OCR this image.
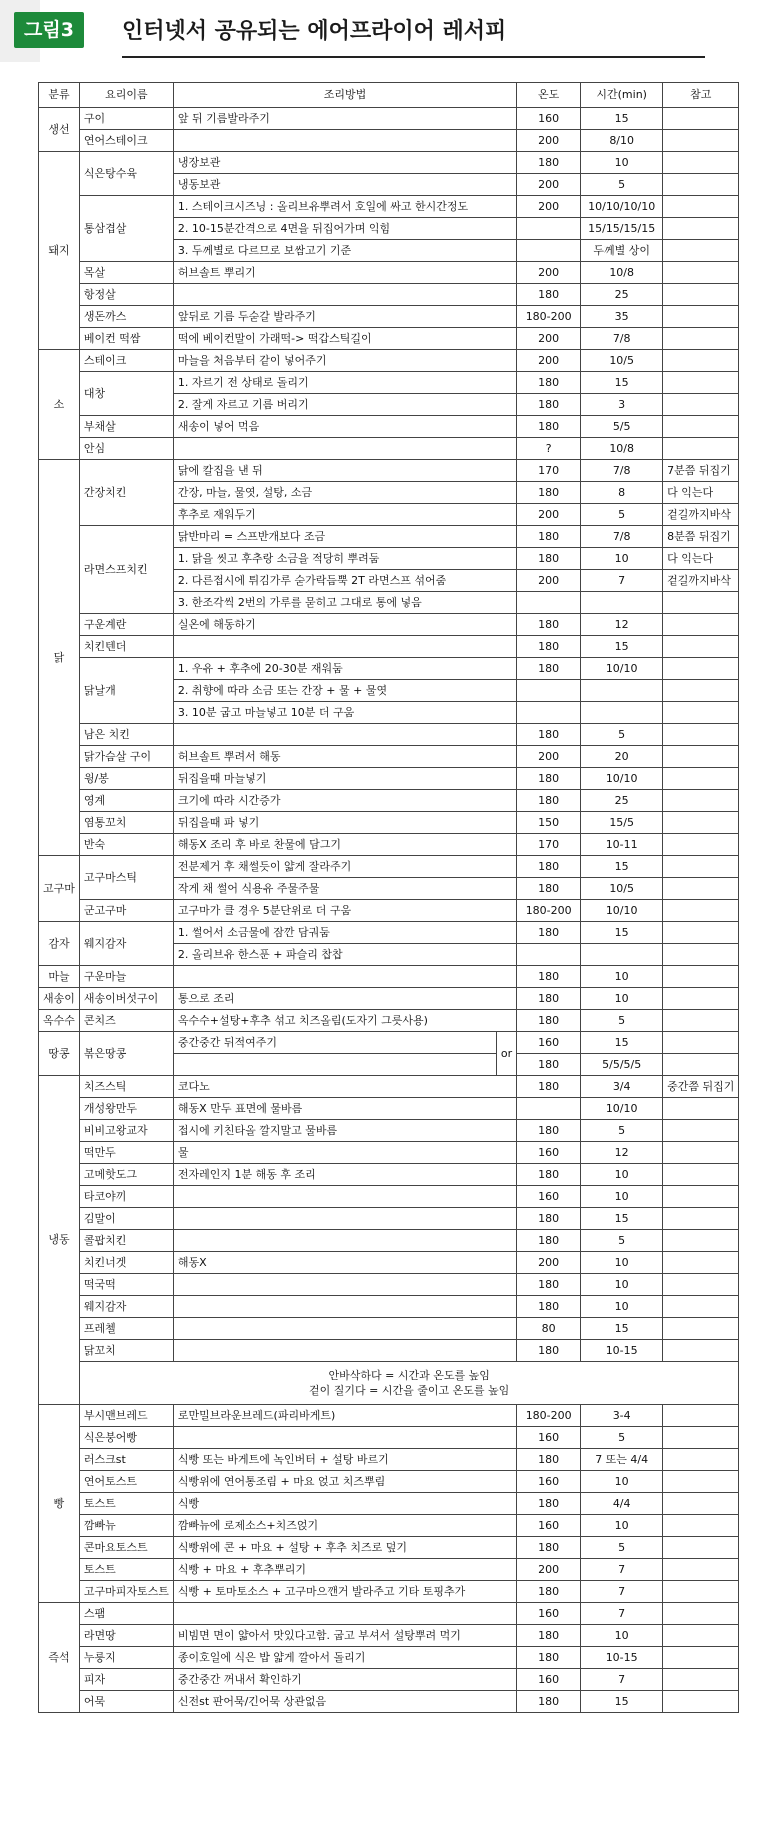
그림3	인터넷서 공유되는 에어프라이어 레서피
분류	요리이름	조리방법		온도	시간(min)	참고
생선	구이	앞 뒤 기름발라주기		160	15	
	연어스테이크			200	8/10	
돼지	식은탕수육	냉장보관		180	10	
		냉동보관		200	5	
	통삼겹살	1. 스테이크시즈닝 : 올리브유뿌려서 호일에 싸고 한시간정도		200	10/10/10/10	
		2. 10-15분간격으로 4면을 뒤집어가며 익힘			15/15/15/15	
		3. 두께별로 다르므로 보쌈고기 기준			두께별 상이	
	목살	허브솔트 뿌리기		200	10/8	
	항정살			180	25	
	생돈까스	앞뒤로 기름 두숟갈 발라주기		180-200	35	
	베이컨 떡쌈	떡에 베이컨말이 가래떡-> 떡갑스틱길이		200	7/8	
소	스테이크	마늘을 처음부터 같이 넣어주기		200	10/5	
	대창	1. 자르기 전 상태로 돌리기		180	15	
		2. 잘게 자르고 기름 버리기		180	3	
	부채살	새송이 넣어 먹음		180	5/5	
	안심			?	10/8	
닭	간장치킨	닭에 칼집을 낸 뒤		170	7/8	7분쯤 뒤집기
		간장, 마늘, 물엿, 설탕, 소금		180	8	다 익는다
		후추로 재워두기		200	5	겉길까지바삭
	라면스프치킨	닭반마리 = 스프반개보다 조금		180	7/8	8분쯤 뒤집기
		1. 닭을 씻고 후추랑 소금을 적당히 뿌려둠		180	10	다 익는다
		2. 다른접시에 튀김가루 숟가락듬뿍 2T 라면스프 섞어줌		200	7	겉길까지바삭
		3. 한조각씩 2번의 가루를 묻히고 그대로 통에 넣음				
	구운계란	실온에 해동하기		180	12	
	치킨텐더			180	15	
	닭날개	1. 우유 + 후추에 20-30분 재워둠		180	10/10	
		2. 취향에 따라 소금 또는 간장 + 물 + 물엿				
		3. 10분 굽고 마늘넣고 10분 더 구움				
	남은 치킨			180	5	
	닭가슴살 구이	허브솔트 뿌려서 해동		200	20	
	윙/봉	뒤집을때 마늘넣기		180	10/10	
	영계	크기에 따라 시간증가		180	25	
	염통꼬치	뒤집을때 파 넣기		150	15/5	
	반숙	해동X 조리 후 바로 찬물에 담그기		170	10-11	
고구마	고구마스틱	전분제거 후 채썰듯이 얇게 잘라주기		180	15	
		작게 채 썰어 식용유 주물주물		180	10/5	
	군고구마	고구마가 클 경우 5분단위로 더 구움		180-200	10/10	
감자	웨지감자	1. 썰어서 소금물에 잠깐 담궈둠		180	15	
		2. 올리브유 한스푼 + 파슬리 찹찹				
마늘	구운마늘			180	10	
새송이	새송이버섯구이	통으로 조리		180	10	
옥수수	콘치즈	옥수수+설탕+후추 섞고 치즈올림(도자기 그릇사용)		180	5	
땅콩	볶은땅콩	중간중간 뒤적여주기	or	160	15	
				180	5/5/5/5	
냉동	치즈스틱	코다노		180	3/4	중간쯤 뒤집기
	개성왕만두	해동X 만두 표면에 물바름			10/10	
	비비고왕교자	접시에 키친타올 깔지말고 물바름		180	5	
	떡만두	물		160	12	
	고메핫도그	전자레인지 1분 해동 후 조리		180	10	
	타코야끼			160	10	
	김말이			180	15	
	콜팝치킨			180	5	
	치킨너겟	해동X		200	10	
	떡국떡			180	10	
	웨지감자			180	10	
	프레첼			80	15	
	닭꼬치			180	10-15	

	안바삭하다 = 시간과 온도를 높임
겉이 질기다 = 시간을 줄이고 온도를 높임					

빵	부시맨브레드	로만밀브라운브레드(파리바게트)		180-200	3-4	
	식은붕어빵			160	5	
	러스크st	식빵 또는 바게트에 녹인버터 + 설탕 바르기		180	7 또는 4/4	
	연어토스트	식빵위에 연어통조림 + 마요 얹고 치즈뿌림		160	10	
	토스트	식빵		180	4/4	
	깜빠뉴	깜빠뉴에 로제소스+치즈얹기		160	10	
	콘마요토스트	식빵위에 콘 + 마요 + 설탕 + 후추 치즈로 덮기		180	5	
	토스트	식빵 + 마요 + 후추뿌리기		200	7	
	고구마피자토스트	식빵 + 토마토소스 + 고구마으깬거 발라주고 기타 토핑추가		180	7	
즉석	스팸			160	7	
	라면땅	비빔면 면이 얇아서 맛있다고함. 굽고 부셔서 설탕뿌려 먹기		180	10	
	누룽지	종이호일에 식은 밥 얇게 깔아서 돌리기		180	10-15	
	피자	중간중간 꺼내서 확인하기		160	7	
	어묵	신전st 판어묵/긴어묵 상관없음		180	15	
